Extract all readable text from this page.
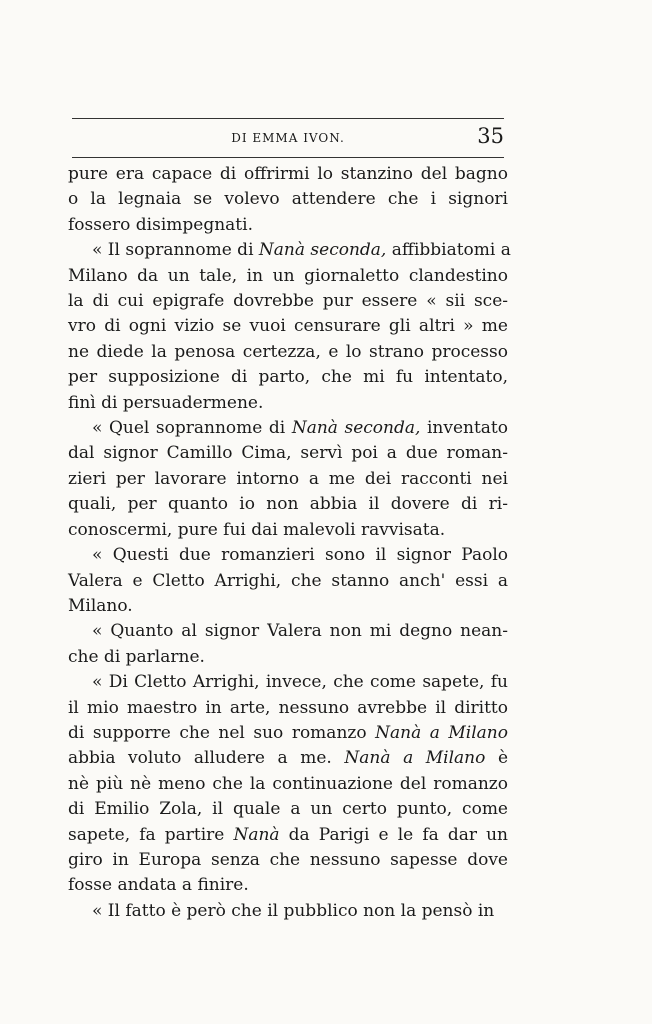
DI EMMA IVON.	35

pure era capace di offrirmi lo stanzino del bagno
o la legnaia se volevo attendere che i signori
fossero disimpegnati.

« Il soprannome di Nanà seconda, affibbiatomi a
Milano da un tale, in un giornaletto clandestino
la di cui epigrafe dovrebbe pur essere « sii sce-
vro di ogni vizio se vuoi censurare gli altri » me
ne diede la penosa certezza, e lo strano processo
per supposizione di parto, che mi fu intentato,
finì di persuadermene.

« Quel soprannome di Nanà seconda, inventato
dal signor Camillo Cima, servì poi a due roman-
zieri per lavorare intorno a me dei racconti nei
quali, per quanto io non abbia il dovere di ri-
conoscermi, pure fui dai malevoli ravvisata.

« Questi due romanzieri sono il signor Paolo
Valera e Cletto Arrighi, che stanno anch' essi a
Milano.

« Quanto al signor Valera non mi degno nean-
che di parlarne.

« Di Cletto Arrighi, invece, che come sapete, fu
il mio maestro in arte, nessuno avrebbe il diritto
di supporre che nel suo romanzo Nanà a Milano
abbia voluto alludere a me. Nanà a Milano è
nè più nè meno che la continuazione del romanzo
di Emilio Zola, il quale a un certo punto, come
sapete, fa partire Nanà da Parigi e le fa dar un
giro in Europa senza che nessuno sapesse dove
fosse andata a finire.

« Il fatto è però che il pubblico non la pensò in
